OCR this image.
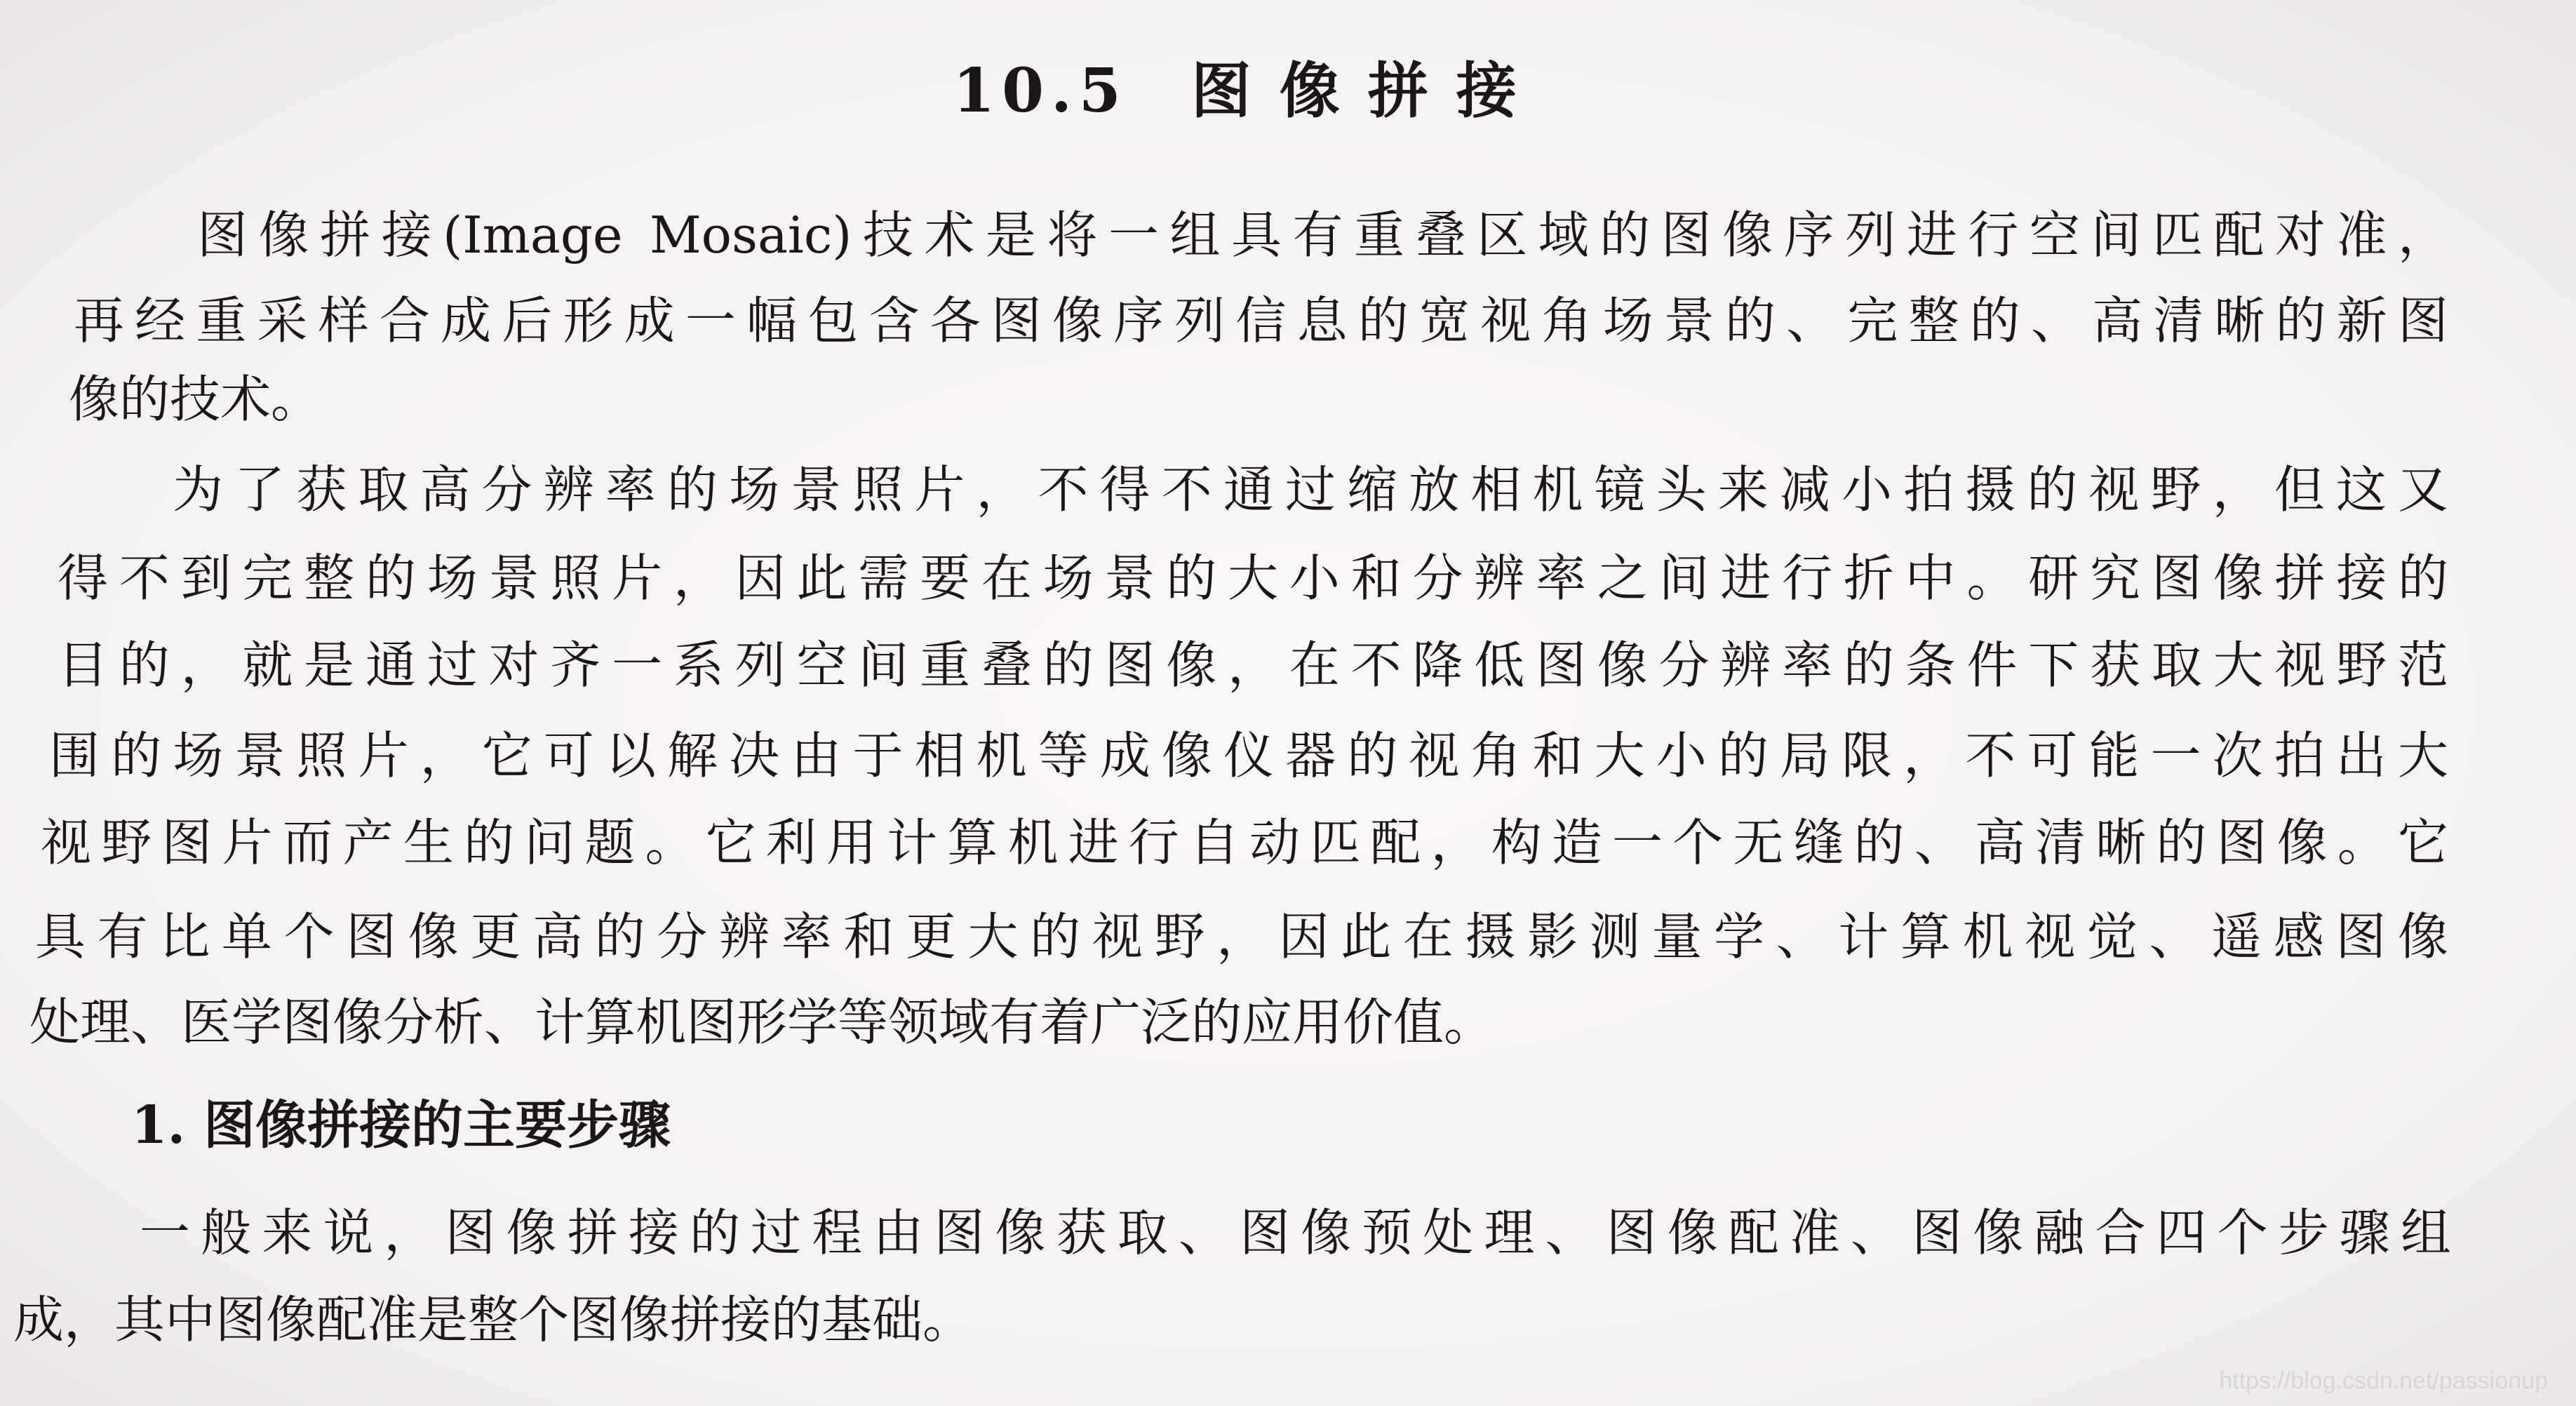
10.5 图像拼接
图像拼接(Image Mosaic)技术是将一组具有重叠区域的图像序列进行空间匹配对准，
再经重采样合成后形成一幅包含各图像序列信息的宽视角场景的、完整的、高清晰的新图
像的技术。
为了获取高分辨率的场景照片，不得不通过缩放相机镜头来减小拍摄的视野，但这又
得不到完整的场景照片，因此需要在场景的大小和分辨率之间进行折中。研究图像拼接的
目的，就是通过对齐一系列空间重叠的图像，在不降低图像分辨率的条件下获取大视野范
围的场景照片，它可以解决由于相机等成像仪器的视角和大小的局限，不可能一次拍出大
视野图片而产生的问题。它利用计算机进行自动匹配，构造一个无缝的、高清晰的图像。它
具有比单个图像更高的分辨率和更大的视野，因此在摄影测量学、计算机视觉、遥感图像
处理、医学图像分析、计算机图形学等领域有着广泛的应用价值。
1. 图像拼接的主要步骤
一般来说，图像拼接的过程由图像获取、图像预处理、图像配准、图像融合四个步骤组
成，其中图像配准是整个图像拼接的基础。
https://blog.csdn.net/passionup
